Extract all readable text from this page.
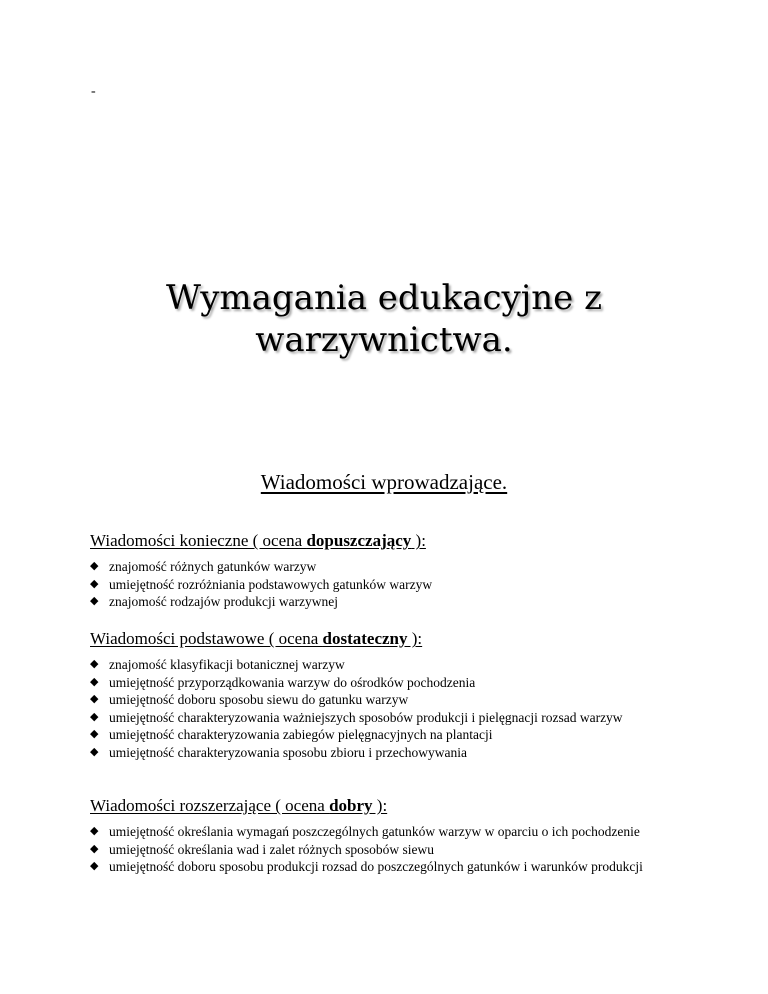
-
Wymagania edukacyjne z
warzywnictwa.
Wiadomości wprowadzające.

Wiadomości konieczne ( ocena dopuszczający ):

◆ znajomość różnych gatunków warzyw
◆ umiejętność rozróżniania podstawowych gatunków warzyw
◆ znajomość rodzajów produkcji warzywnej

Wiadomości podstawowe ( ocena dostateczny ):

◆ znajomość klasyfikacji botanicznej warzyw
◆ umiejętność przyporządkowania warzyw do ośrodków pochodzenia
◆ umiejętność doboru sposobu siewu do gatunku warzyw
◆ umiejętność charakteryzowania ważniejszych sposobów produkcji i pielęgnacji rozsad warzyw
◆ umiejętność charakteryzowania zabiegów pielęgnacyjnych na plantacji
◆ umiejętność charakteryzowania sposobu zbioru i przechowywania

Wiadomości rozszerzające ( ocena dobry ):

◆ umiejętność określania wymagań poszczególnych gatunków warzyw w oparciu o ich pochodzenie
◆ umiejętność określania wad i zalet różnych sposobów siewu
◆ umiejętność doboru sposobu produkcji rozsad do poszczególnych gatunków i warunków produkcji
